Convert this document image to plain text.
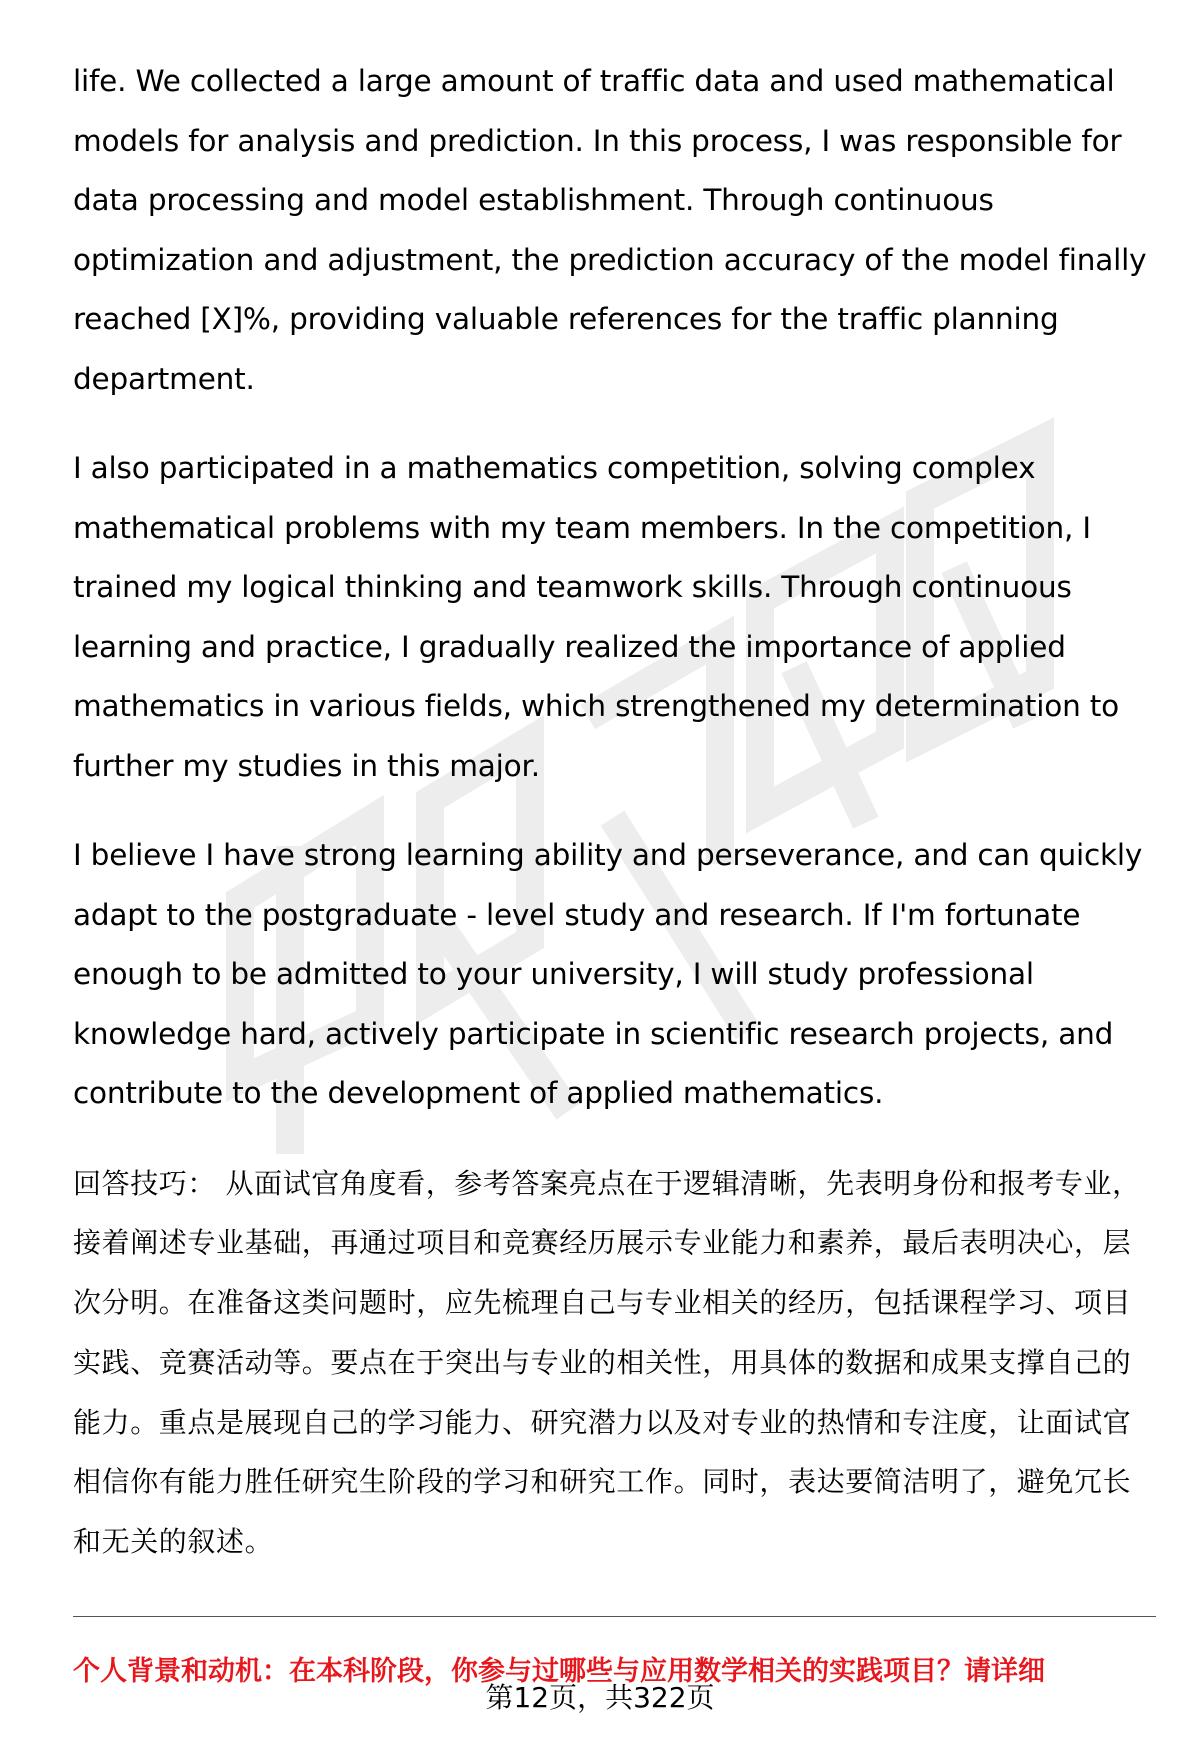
life. We collected a large amount of traffic data and used mathematical models for analysis and prediction. In this process, I was responsible for data processing and model establishment. Through continuous optimization and adjustment, the prediction accuracy of the model finally reached [X]%, providing valuable references for the traffic planning department.

I also participated in a mathematics competition, solving complex mathematical problems with my team members. In the competition, I trained my logical thinking and teamwork skills. Through continuous learning and practice, I gradually realized the importance of applied mathematics in various fields, which strengthened my determination to further my studies in this major.

I believe I have strong learning ability and perseverance, and can quickly adapt to the postgraduate - level study and research. If I'm fortunate enough to be admitted to your university, I will study professional knowledge hard, actively participate in scientific research projects, and contribute to the development of applied mathematics.

回答技巧： 从面试官角度看，参考答案亮点在于逻辑清晰，先表明身份和报考专业，接着阐述专业基础，再通过项目和竞赛经历展示专业能力和素养，最后表明决心，层次分明。在准备这类问题时，应先梳理自己与专业相关的经历，包括课程学习、项目实践、竞赛活动等。要点在于突出与专业的相关性，用具体的数据和成果支撑自己的能力。重点是展现自己的学习能力、研究潜力以及对专业的热情和专注度，让面试官相信你有能力胜任研究生阶段的学习和研究工作。同时，表达要简洁明了，避免冗长和无关的叙述。

个人背景和动机：在本科阶段，你参与过哪些与应用数学相关的实践项目？请详细
第12页，共322页
